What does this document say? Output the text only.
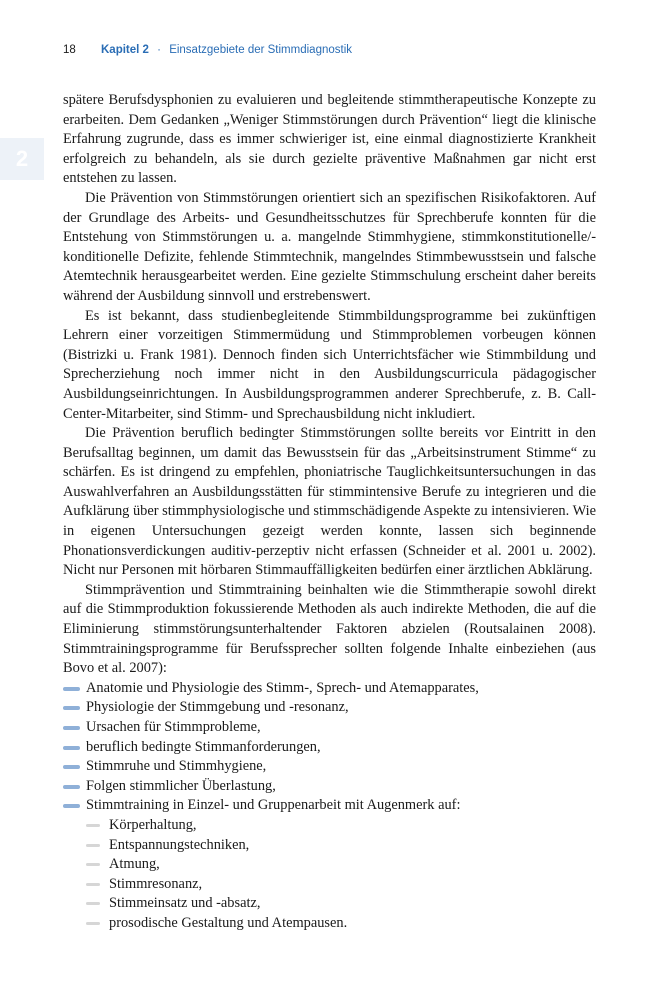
18 Kapitel 2 · Einsatzgebiete der Stimmdiagnostik
2

spätere Berufsdysphonien zu evaluieren und begleitende stimmtherapeutische Konzepte zu erarbeiten. Dem Gedanken „Weniger Stimmstörungen durch Prävention“ liegt die klinische Erfahrung zugrunde, dass es immer schwieriger ist, eine einmal diagnostizierte Krankheit erfolgreich zu behandeln, als sie durch gezielte präventive Maßnahmen gar nicht erst entstehen zu lassen.

Die Prävention von Stimmstörungen orientiert sich an spezifischen Risikofaktoren. Auf der Grundlage des Arbeits- und Gesundheitsschutzes für Sprechberufe konnten für die Entstehung von Stimmstörungen u. a. mangelnde Stimmhygiene, stimmkonstitutionelle/-konditionelle Defizite, fehlende Stimmtechnik, mangelndes Stimmbewusstsein und falsche Atemtechnik herausgearbeitet werden. Eine gezielte Stimmschulung erscheint daher bereits während der Ausbildung sinnvoll und erstrebenswert.

Es ist bekannt, dass studienbegleitende Stimmbildungsprogramme bei zukünftigen Lehrern einer vorzeitigen Stimmermüdung und Stimmproblemen vorbeugen können (Bistrizki u. Frank 1981). Dennoch finden sich Unterrichtsfächer wie Stimmbildung und Sprecherziehung noch immer nicht in den Ausbildungscurricula pädagogischer Ausbildungseinrichtungen. In Ausbildungsprogrammen anderer Sprechberufe, z. B. Call-Center-Mitarbeiter, sind Stimm- und Sprechausbildung nicht inkludiert.

Die Prävention beruflich bedingter Stimmstörungen sollte bereits vor Eintritt in den Berufsalltag beginnen, um damit das Bewusstsein für das „Arbeitsinstrument Stimme“ zu schärfen. Es ist dringend zu empfehlen, phoniatrische Tauglichkeitsuntersuchungen in das Auswahlverfahren an Ausbildungsstätten für stimmintensive Berufe zu integrieren und die Aufklärung über stimmphysiologische und stimmschädigende Aspekte zu intensivieren. Wie in eigenen Untersuchungen gezeigt werden konnte, lassen sich beginnende Phonationsverdickungen auditiv-perzeptiv nicht erfassen (Schneider et al. 2001 u. 2002). Nicht nur Personen mit hörbaren Stimmauffälligkeiten bedürfen einer ärztlichen Abklärung.

Stimmprävention und Stimmtraining beinhalten wie die Stimmtherapie sowohl direkt auf die Stimmproduktion fokussierende Methoden als auch indirekte Methoden, die auf die Eliminierung stimmstörungsunterhaltender Faktoren abzielen (Routsalainen 2008). Stimmtrainingsprogramme für Berufssprecher sollten folgende Inhalte einbeziehen (aus Bovo et al. 2007):

Anatomie und Physiologie des Stimm-, Sprech- und Atemapparates,
Physiologie der Stimmgebung und -resonanz,
Ursachen für Stimmprobleme,
beruflich bedingte Stimmanforderungen,
Stimmruhe und Stimmhygiene,
Folgen stimmlicher Überlastung,
Stimmtraining in Einzel- und Gruppenarbeit mit Augenmerk auf:
Körperhaltung,
Entspannungstechniken,
Atmung,
Stimmresonanz,
Stimmeinsatz und -absatz,
prosodische Gestaltung und Atempausen.
